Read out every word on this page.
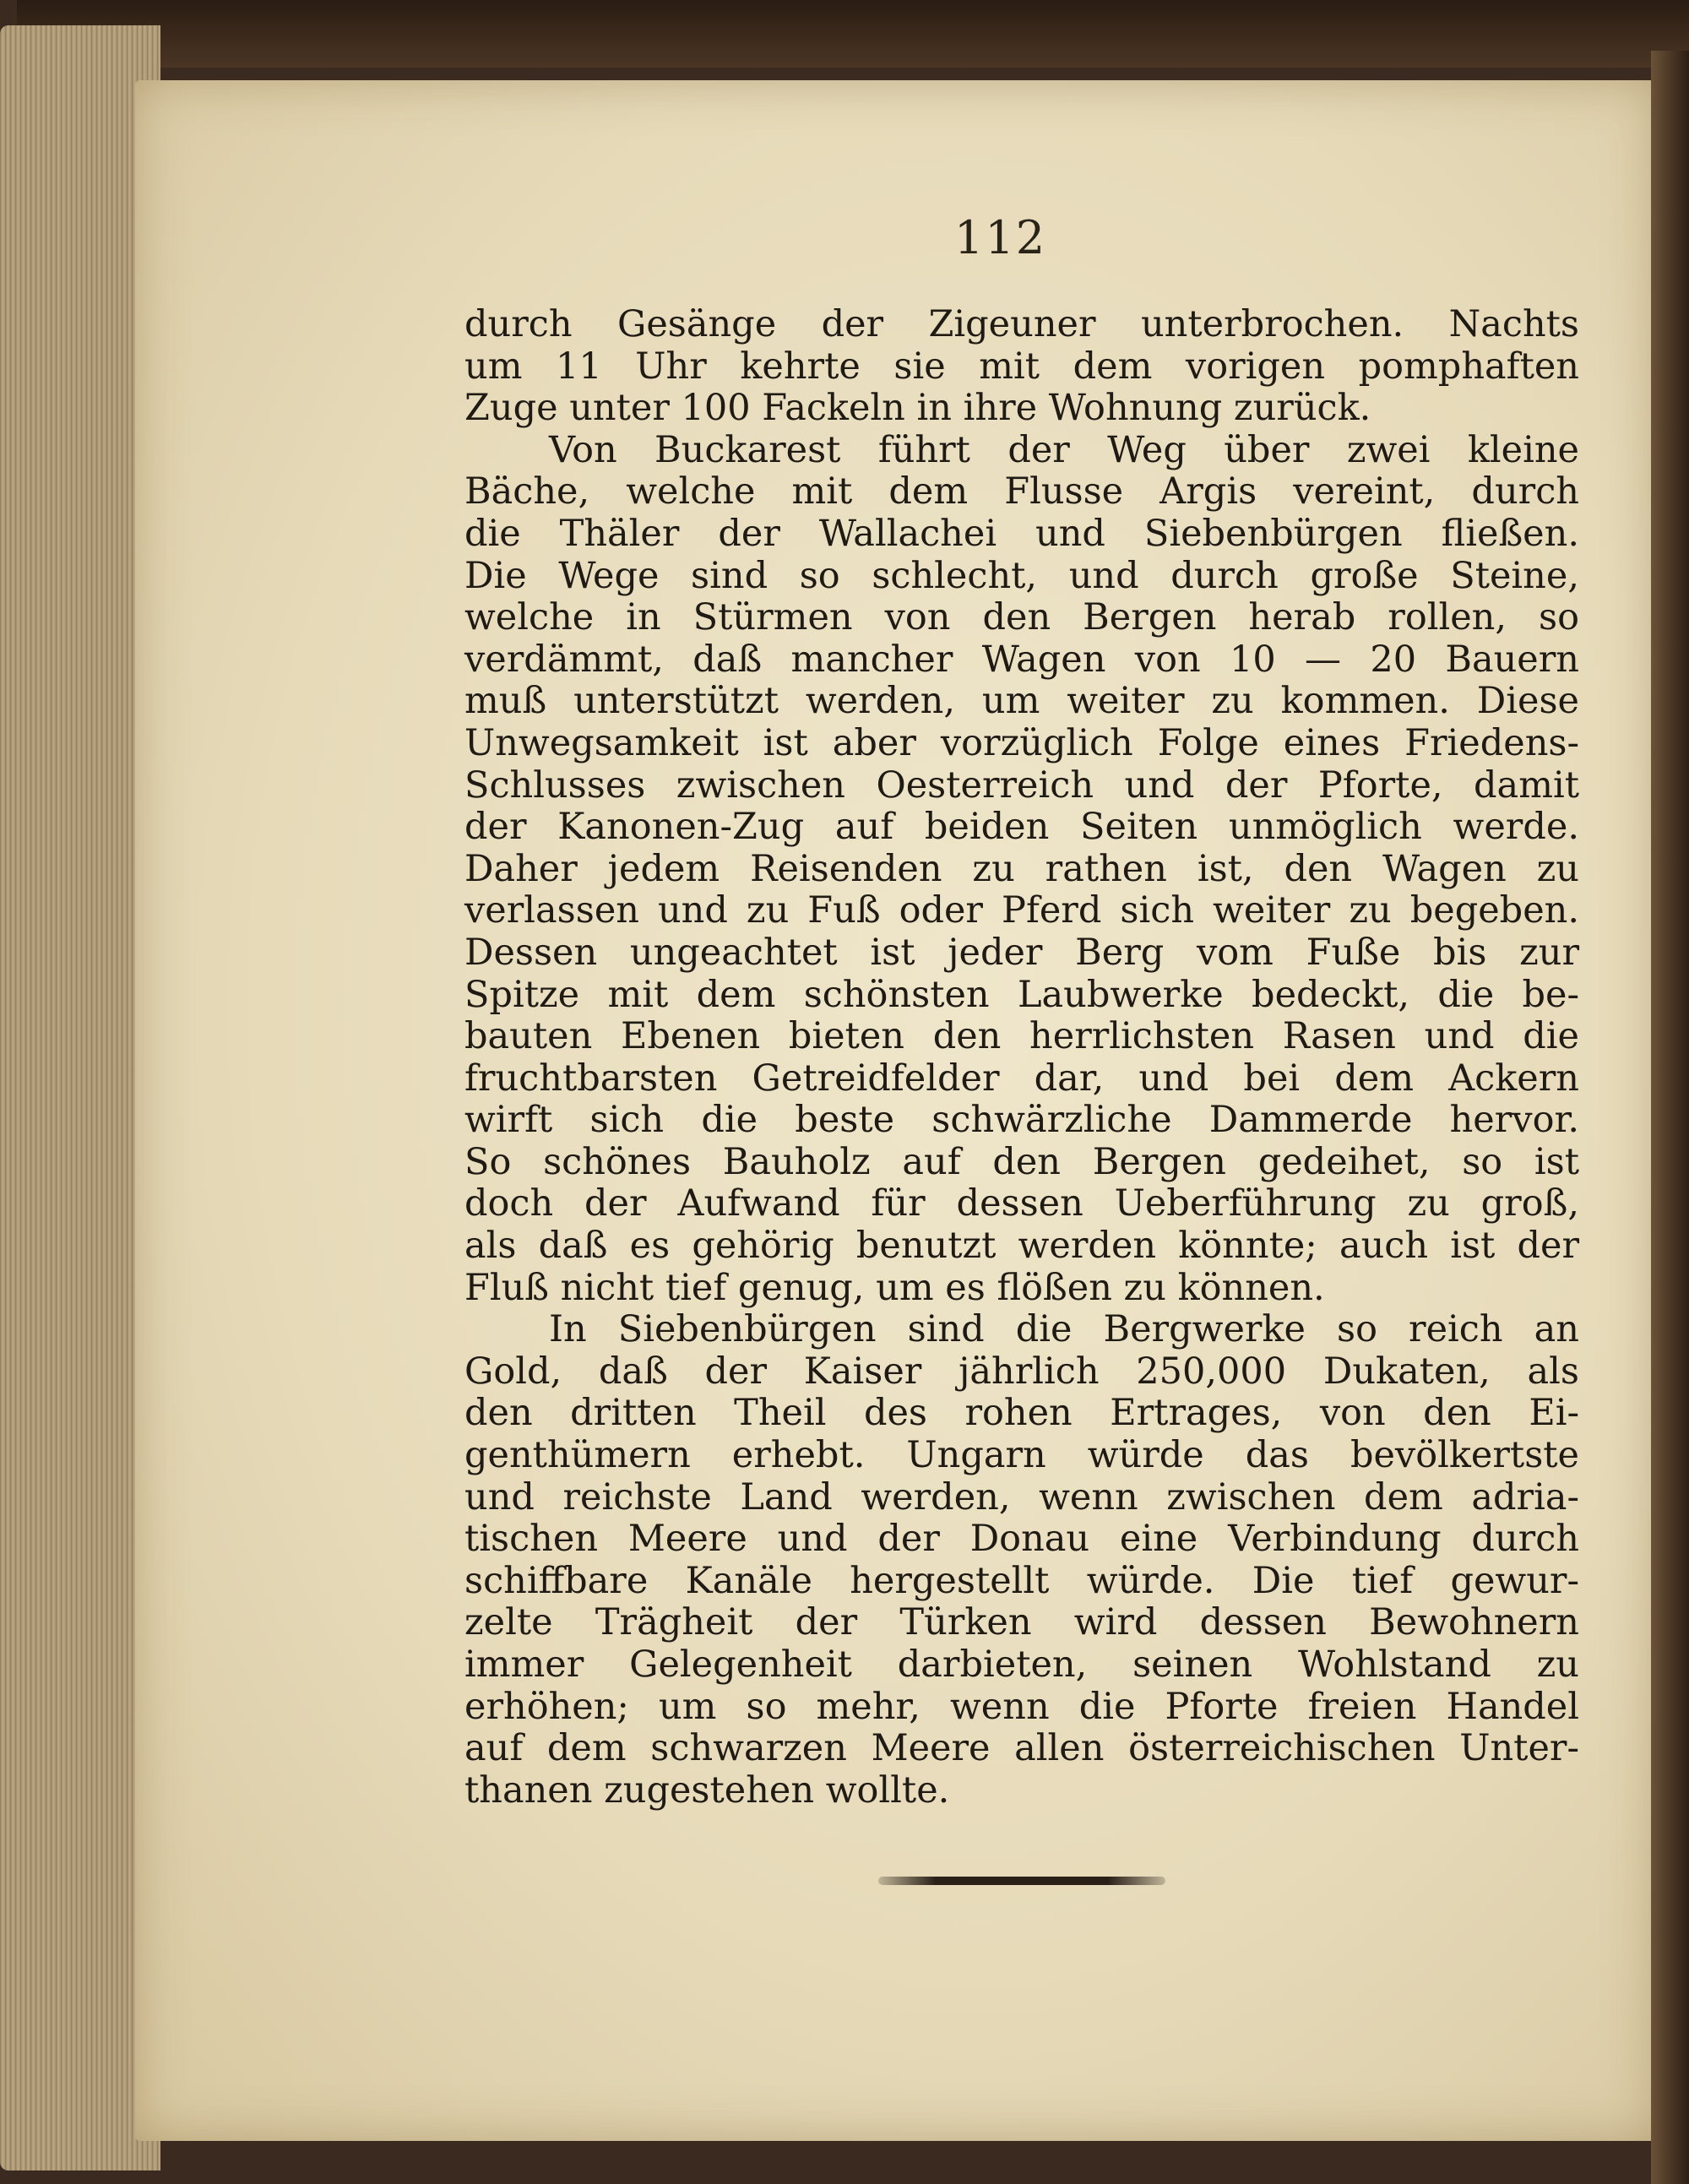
112
durch Gesänge der Zigeuner unterbrochen. Nachts
um 11 Uhr kehrte sie mit dem vorigen pomphaften
Zuge unter 100 Fackeln in ihre Wohnung zurück.
Von Buckarest führt der Weg über zwei kleine
Bäche, welche mit dem Flusse Argis vereint, durch
die Thäler der Wallachei und Siebenbürgen fließen.
Die Wege sind so schlecht, und durch große Steine,
welche in Stürmen von den Bergen herab rollen, so
verdämmt, daß mancher Wagen von 10 — 20 Bauern
muß unterstützt werden, um weiter zu kommen. Diese
Unwegsamkeit ist aber vorzüglich Folge eines Friedens-
Schlusses zwischen Oesterreich und der Pforte, damit
der Kanonen-Zug auf beiden Seiten unmöglich werde.
Daher jedem Reisenden zu rathen ist, den Wagen zu
verlassen und zu Fuß oder Pferd sich weiter zu begeben.
Dessen ungeachtet ist jeder Berg vom Fuße bis zur
Spitze mit dem schönsten Laubwerke bedeckt, die be-
bauten Ebenen bieten den herrlichsten Rasen und die
fruchtbarsten Getreidfelder dar, und bei dem Ackern
wirft sich die beste schwärzliche Dammerde hervor.
So schönes Bauholz auf den Bergen gedeihet, so ist
doch der Aufwand für dessen Ueberführung zu groß,
als daß es gehörig benutzt werden könnte; auch ist der
Fluß nicht tief genug, um es flößen zu können.
In Siebenbürgen sind die Bergwerke so reich an
Gold, daß der Kaiser jährlich 250,000 Dukaten, als
den dritten Theil des rohen Ertrages, von den Ei-
genthümern erhebt. Ungarn würde das bevölkertste
und reichste Land werden, wenn zwischen dem adria-
tischen Meere und der Donau eine Verbindung durch
schiffbare Kanäle hergestellt würde. Die tief gewur-
zelte Trägheit der Türken wird dessen Bewohnern
immer Gelegenheit darbieten, seinen Wohlstand zu
erhöhen; um so mehr, wenn die Pforte freien Handel
auf dem schwarzen Meere allen österreichischen Unter-
thanen zugestehen wollte.
